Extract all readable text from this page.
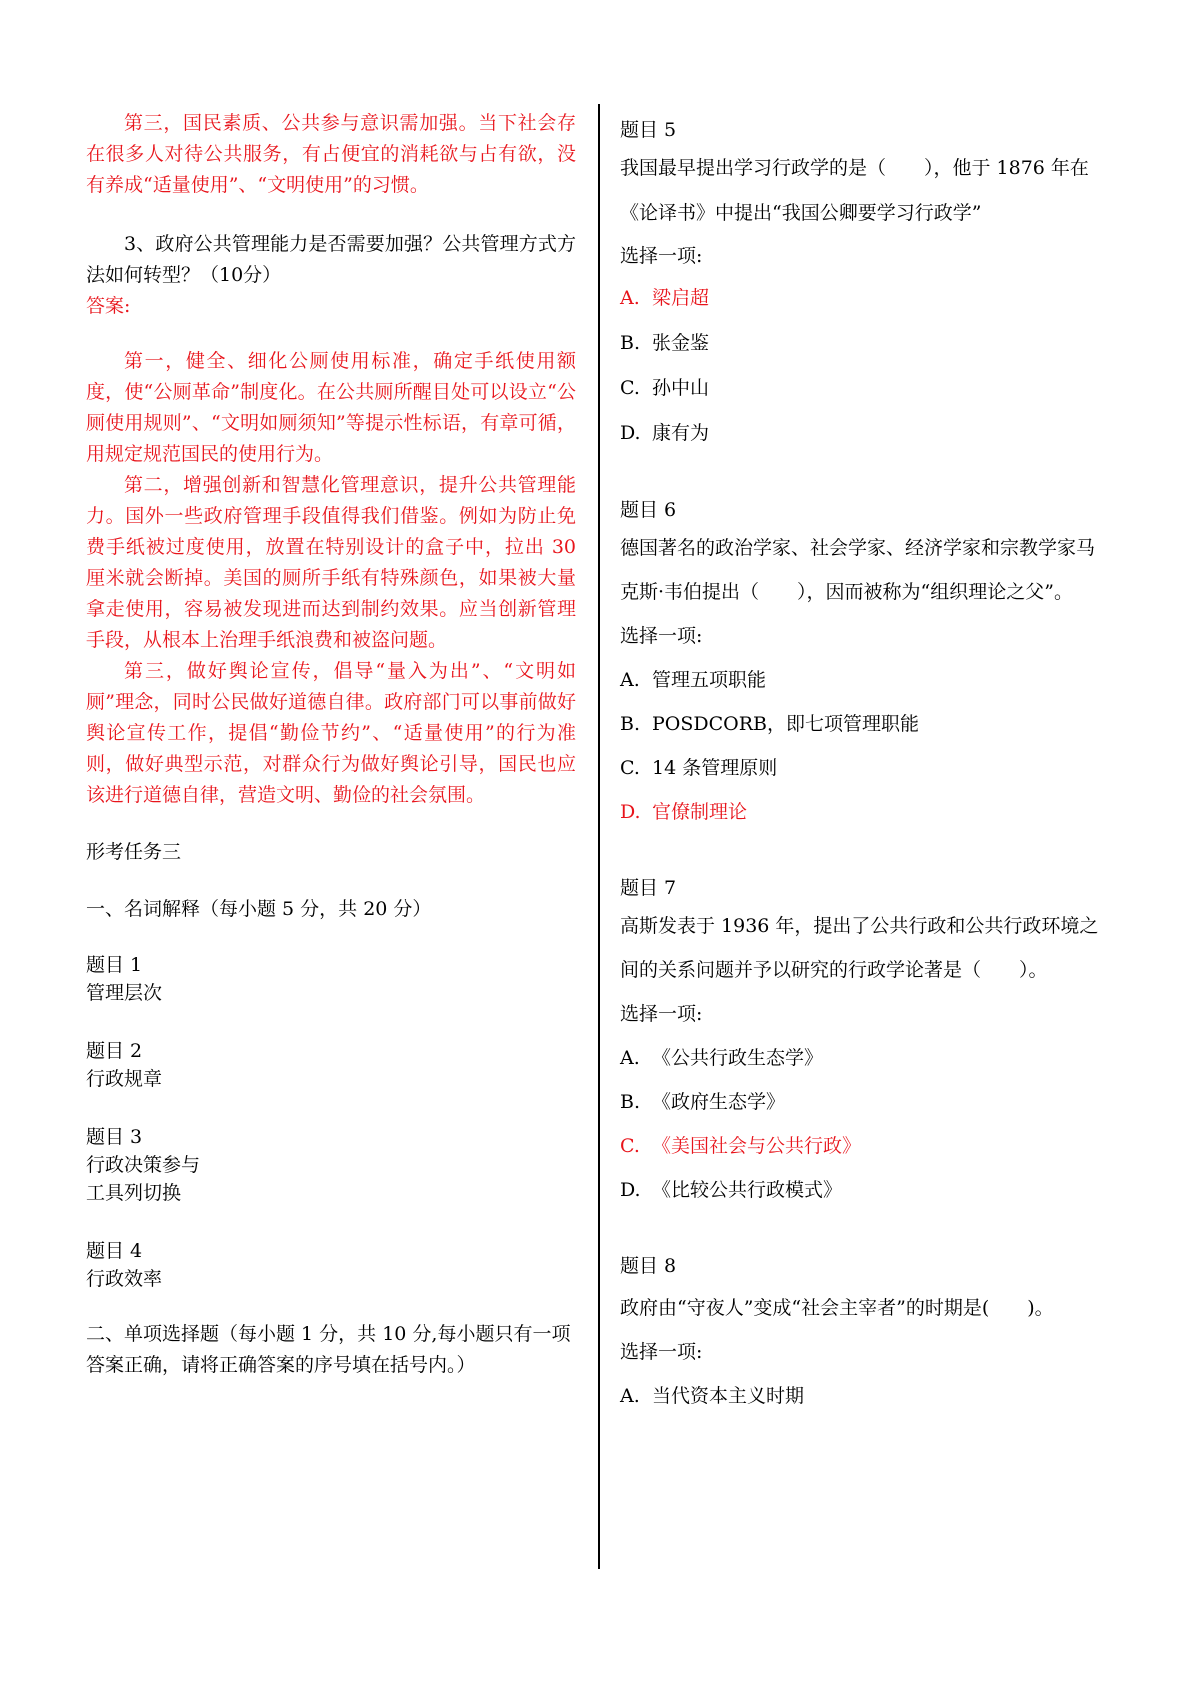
第三，国民素质、公共参与意识需加强。当下社会存在很多人对待公共服务，有占便宜的消耗欲与占有欲，没有养成“适量使用”、“文明使用”的习惯。
3、政府公共管理能力是否需要加强？公共管理方式方法如何转型？（10分）
答案:
第一，健全、细化公厕使用标准，确定手纸使用额度，使“公厕革命”制度化。在公共厕所醒目处可以设立“公厕使用规则”、“文明如厕须知”等提示性标语，有章可循，用规定规范国民的使用行为。
第二，增强创新和智慧化管理意识，提升公共管理能力。国外一些政府管理手段值得我们借鉴。例如为防止免费手纸被过度使用，放置在特别设计的盒子中，拉出 30 厘米就会断掉。美国的厕所手纸有特殊颜色，如果被大量拿走使用，容易被发现进而达到制约效果。应当创新管理手段，从根本上治理手纸浪费和被盗问题。
第三，做好舆论宣传，倡导“量入为出”、“文明如厕”理念，同时公民做好道德自律。政府部门可以事前做好舆论宣传工作，提倡“勤俭节约”、“适量使用”的行为准则，做好典型示范，对群众行为做好舆论引导，国民也应该进行道德自律，营造文明、勤俭的社会氛围。
形考任务三
一、名词解释（每小题 5 分，共 20 分）
题目 1
管理层次
题目 2
行政规章
题目 3
行政决策参与
工具列切换
题目 4
行政效率
二、单项选择题（每小题 1 分，共 10 分,每小题只有一项答案正确，请将正确答案的序号填在括号内。）
题目 5
我国最早提出学习行政学的是（　　），他于 1876 年在《论译书》中提出“我国公卿要学习行政学”
选择一项:
A. 梁启超
B. 张金鉴
C. 孙中山
D. 康有为
题目 6
德国著名的政治学家、社会学家、经济学家和宗教学家马克斯·韦伯提出（　　），因而被称为“组织理论之父”。
选择一项:
A. 管理五项职能
B. POSDCORB，即七项管理职能
C. 14 条管理原则
D. 官僚制理论
题目 7
高斯发表于 1936 年，提出了公共行政和公共行政环境之间的关系问题并予以研究的行政学论著是（　　）。
选择一项:
A. 《公共行政生态学》
B. 《政府生态学》
C. 《美国社会与公共行政》
D. 《比较公共行政模式》
题目 8
政府由“守夜人”变成“社会主宰者”的时期是(　　)。
选择一项:
A. 当代资本主义时期
